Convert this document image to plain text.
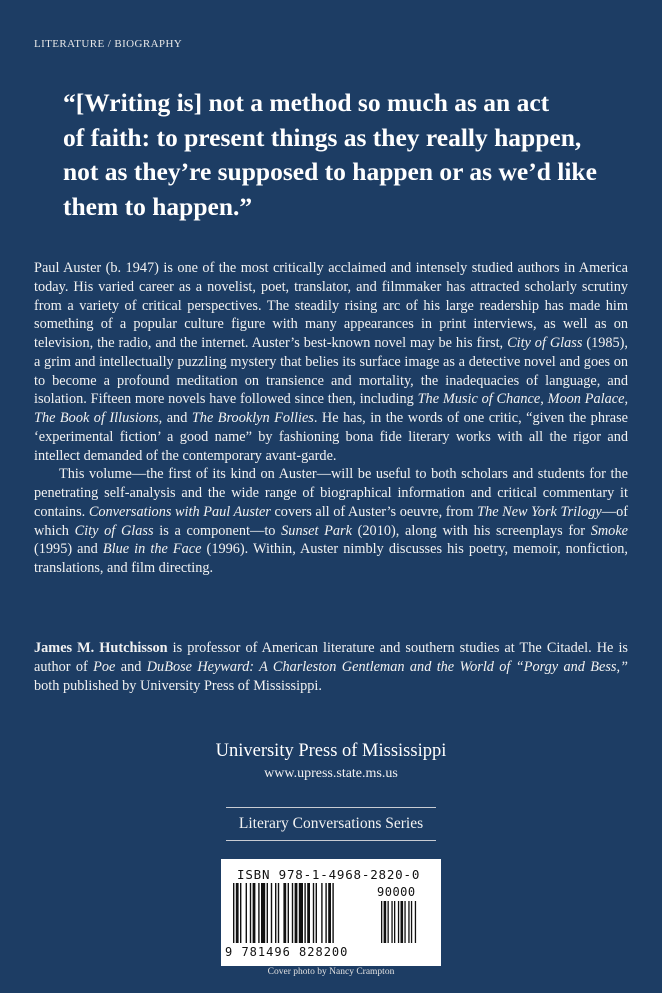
LITERATURE / BIOGRAPHY
“[Writing is] not a method so much as an act
of faith: to present things as they really happen,
not as they’re supposed to happen or as we’d like
them to happen.”

Paul Auster (b. 1947) is one of the most critically acclaimed and intensely studied authors in America today. His varied career as a novelist, poet, translator, and filmmaker has attracted scholarly scrutiny from a variety of critical perspectives. The steadily rising arc of his large readership has made him something of a popular culture figure with many appearances in print interviews, as well as on television, the radio, and the internet. Auster’s best-known novel may be his first, City of Glass (1985), a grim and intellectually puzzling mystery that belies its surface image as a detective novel and goes on to become a profound meditation on transience and mortality, the inadequacies of language, and isolation. Fifteen more novels have followed since then, including The Music of Chance, Moon Palace, The Book of Illusions, and The Brooklyn Follies. He has, in the words of one critic, “given the phrase ‘experimental fiction’ a good name” by fashioning bona fide literary works with all the rigor and intellect demanded of the contemporary avant-garde.

This volume—the first of its kind on Auster—will be useful to both scholars and students for the penetrating self-analysis and the wide range of biographical information and critical commentary it contains. Conversations with Paul Auster covers all of Auster’s oeuvre, from The New York Trilogy—of which City of Glass is a component—to Sunset Park (2010), along with his screenplays for Smoke (1995) and Blue in the Face (1996). Within, Auster nimbly discusses his poetry, memoir, nonfiction, translations, and film directing.

James M. Hutchisson is professor of American literature and southern studies at The Citadel. He is author of Poe and DuBose Heyward: A Charleston Gentleman and the World of “Porgy and Bess,” both published by University Press of Mississippi.
University Press of Mississippi
www.upress.state.ms.us
Literary Conversations Series
ISBN 978-1-4968-2820-0
90000
9 781496 828200
Cover photo by Nancy Crampton
